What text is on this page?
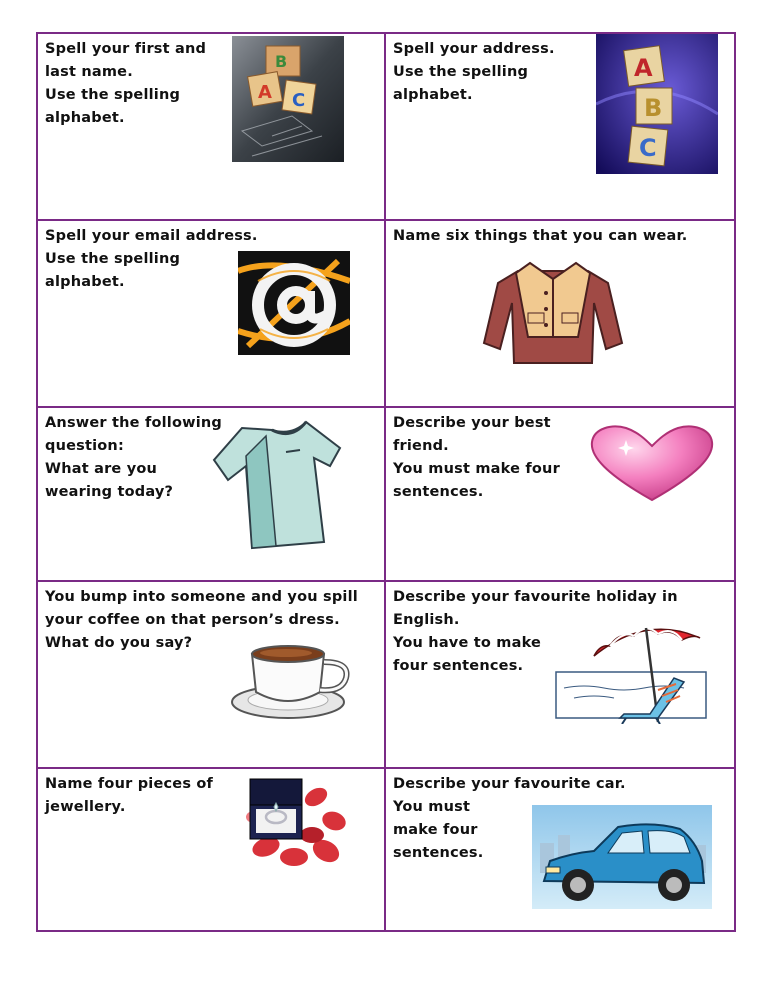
Spell your first and
last name.
Use the spelling
alphabet.
A C
B
Spell your address.
Use the spelling
alphabet.
A
B
C
Spell your email address.
Use the spelling
alphabet.
Name six things that you can wear.
Answer the following
question:
What are you
wearing today?
Describe your best
friend.
You must make four
sentences.
You bump into someone and you spill
your coffee on that person’s dress.
What do you say?
Describe your favourite holiday in
English.
You have to make
four sentences.
Name four pieces of
jewellery.
Describe your favourite car.
You must
make four
sentences.
